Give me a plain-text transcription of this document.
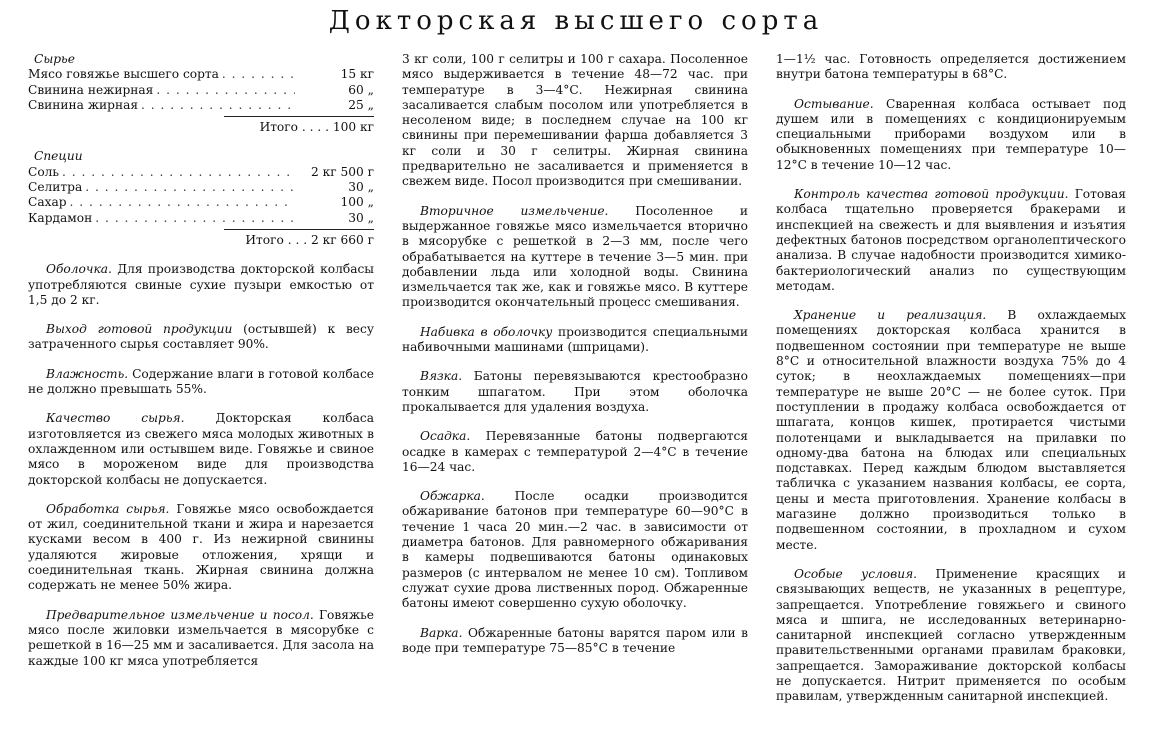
Докторская высшего сорта
Сырье
Мясо говяжье высшего сорта . . .	15 кг
Свинина нежирная . . .	60 „
Свинина жирная . . .	25 „
Итого . . . . 100 кг
Специи
Соль . . .	2 кг 500 г
Селитра . . .	30 „
Сахар . . .	100 „
Кардамон . . .	30 „
Итого . . . 2 кг 660 г

Оболочка. Для производства докторской колбасы употребляются свиные сухие пузыри емкостью от 1,5 до 2 кг.

Выход готовой продукции (остывшей) к весу затраченного сырья составляет 90%.

Влажность. Содержание влаги в готовой колбасе не должно превышать 55%.

Качество сырья. Докторская колбаса изготовляется из свежего мяса молодых животных в охлажденном или остывшем виде. Говяжье и свиное мясо в мороженом виде для производства докторской колбасы не допускается.

Обработка сырья. Говяжье мясо освобождается от жил, соединительной ткани и жира и нарезается кусками весом в 400 г. Из нежирной свинины удаляются жировые отложения, хрящи и соединительная ткань. Жирная свинина должна содержать не менее 50% жира.

Предварительное измельчение и посол. Говяжье мясо после жиловки измельчается в мясорубке с решеткой в 16—25 мм и засаливается. Для засола на каждые 100 кг мяса употребляется

3 кг соли, 100 г селитры и 100 г сахара. Посоленное мясо выдерживается в течение 48—72 час. при температуре в 3—4°С. Нежирная свинина засаливается слабым посолом или употребляется в несоленом виде; в последнем случае на 100 кг свинины при перемешивании фарша добавляется 3 кг соли и 30 г селитры. Жирная свинина предварительно не засаливается и применяется в свежем виде. Посол производится при смешивании.

Вторичное измельчение. Посоленное и выдержанное говяжье мясо измельчается вторично в мясорубке с решеткой в 2—3 мм, после чего обрабатывается на куттере в течение 3—5 мин. при добавлении льда или холодной воды. Свинина измельчается так же, как и говяжье мясо. В куттере производится окончательный процесс смешивания.

Набивка в оболочку производится специальными набивочными машинами (шприцами).

Вязка. Батоны перевязываются крестообразно тонким шпагатом. При этом оболочка прокалывается для удаления воздуха.

Осадка. Перевязанные батоны подвергаются осадке в камерах с температурой 2—4°С в течение 16—24 час.

Обжарка. После осадки производится обжаривание батонов при температуре 60—90°С в течение 1 часа 20 мин.—2 час. в зависимости от диаметра батонов. Для равномерного обжаривания в камеры подвешиваются батоны одинаковых размеров (с интервалом не менее 10 см). Топливом служат сухие дрова лиственных пород. Обжаренные батоны имеют совершенно сухую оболочку.

Варка. Обжаренные батоны варятся паром или в воде при температуре 75—85°С в течение

1—1½ час. Готовность определяется достижением внутри батона температуры в 68°С.

Остывание. Сваренная колбаса остывает под душем или в помещениях с кондиционируемым специальными приборами воздухом или в обыкновенных помещениях при температуре 10—12°С в течение 10—12 час.

Контроль качества готовой продукции. Готовая колбаса тщательно проверяется бракерами и инспекцией на свежесть и для выявления и изъятия дефектных батонов посредством органолептического анализа. В случае надобности производится химико-бактериологический анализ по существующим методам.

Хранение и реализация. В охлаждаемых помещениях докторская колбаса хранится в подвешенном состоянии при температуре не выше 8°С и относительной влажности воздуха 75% до 4 суток; в неохлаждаемых помещениях—при температуре не выше 20°С — не более суток. При поступлении в продажу колбаса освобождается от шпагата, концов кишек, протирается чистыми полотенцами и выкладывается на прилавки по одному-два батона на блюдах или специальных подставках. Перед каждым блюдом выставляется табличка с указанием названия колбасы, ее сорта, цены и места приготовления. Хранение колбасы в магазине должно производиться только в подвешенном состоянии, в прохладном и сухом месте.

Особые условия. Применение красящих и связывающих веществ, не указанных в рецептуре, запрещается. Употребление говяжьего и свиного мяса и шпига, не исследованных ветеринарно-санитарной инспекцией согласно утвержденным правительственными органами правилам браковки, запрещается. Замораживание докторской колбасы не допускается. Нитрит применяется по особым правилам, утвержденным санитарной инспекцией.
